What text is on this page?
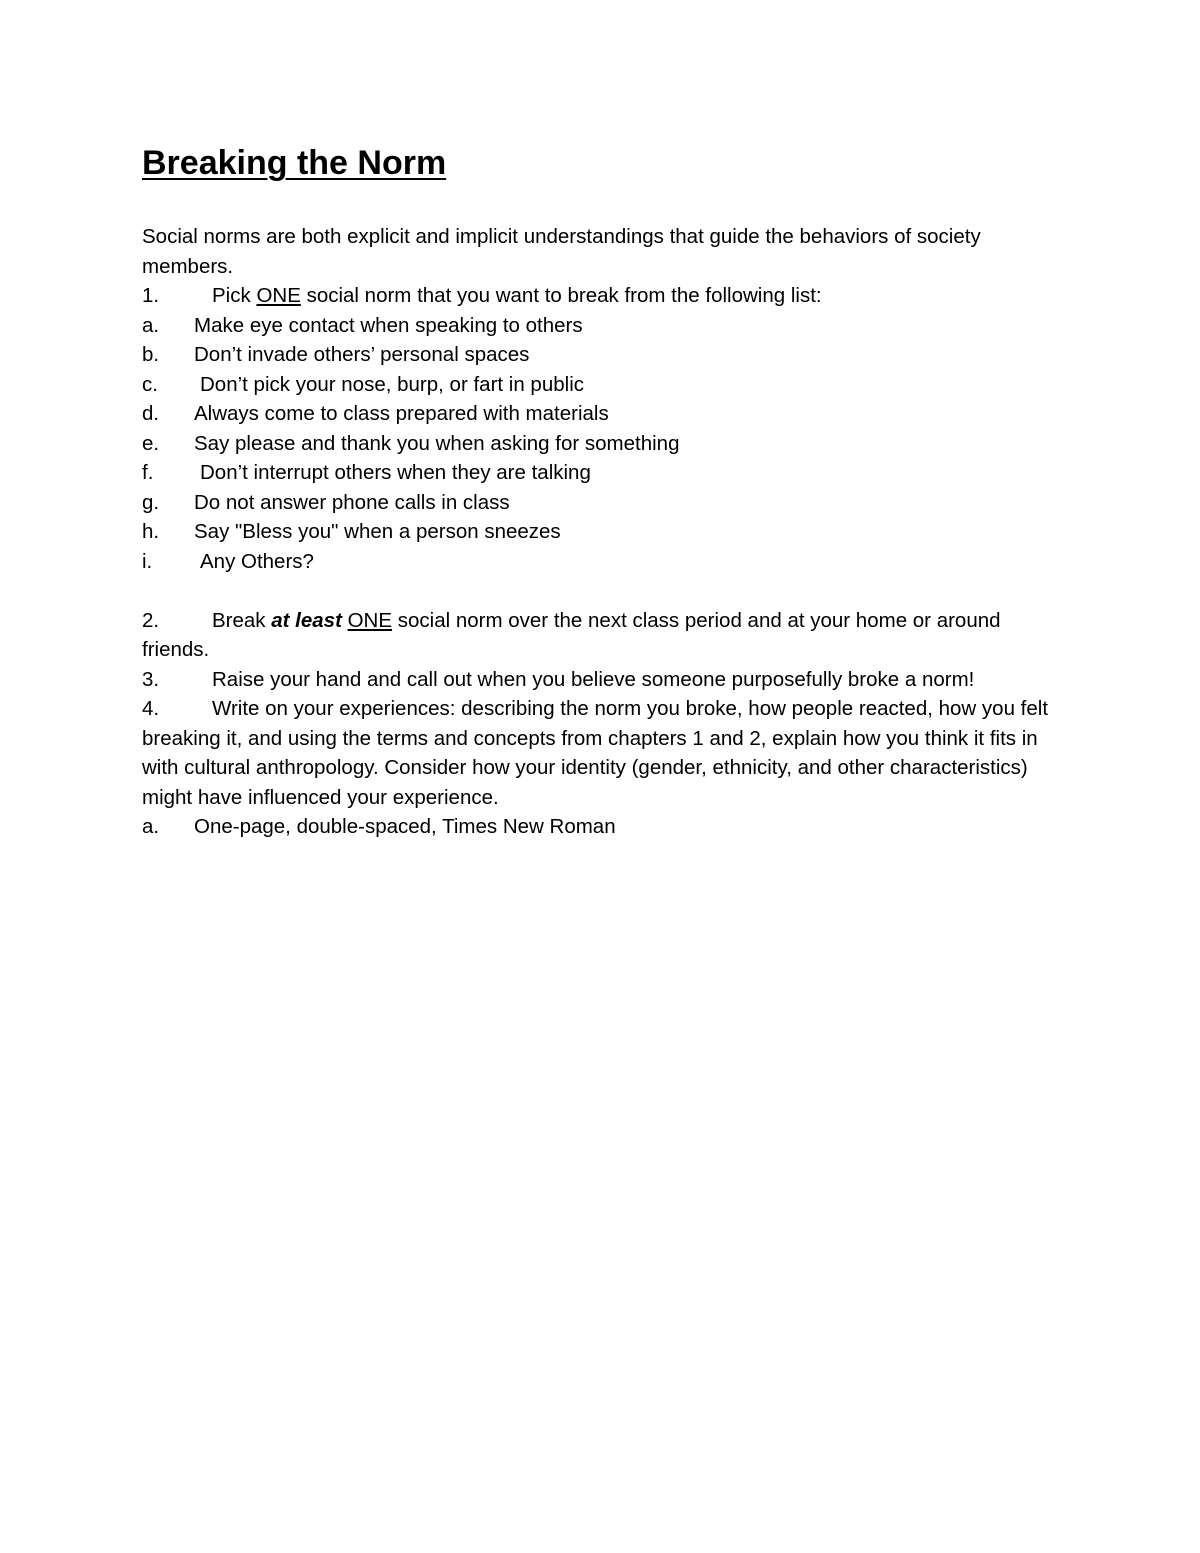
Breaking the Norm
Social norms are both explicit and implicit understandings that guide the behaviors of society members.
1.	Pick ONE social norm that you want to break from the following list:
a. Make eye contact when speaking to others
b. Don’t invade others’ personal spaces
c. Don’t pick your nose, burp, or fart in public
d. Always come to class prepared with materials
e. Say please and thank you when asking for something
f. Don’t interrupt others when they are talking
g. Do not answer phone calls in class
h. Say "Bless you" when a person sneezes
i. Any Others?
2.	Break at least ONE social norm over the next class period and at your home or around friends.
3.	Raise your hand and call out when you believe someone purposefully broke a norm!
4.	Write on your experiences: describing the norm you broke, how people reacted, how you felt breaking it, and using the terms and concepts from chapters 1 and 2, explain how you think it fits in with cultural anthropology. Consider how your identity (gender, ethnicity, and other characteristics) might have influenced your experience.
a. One-page, double-spaced, Times New Roman
